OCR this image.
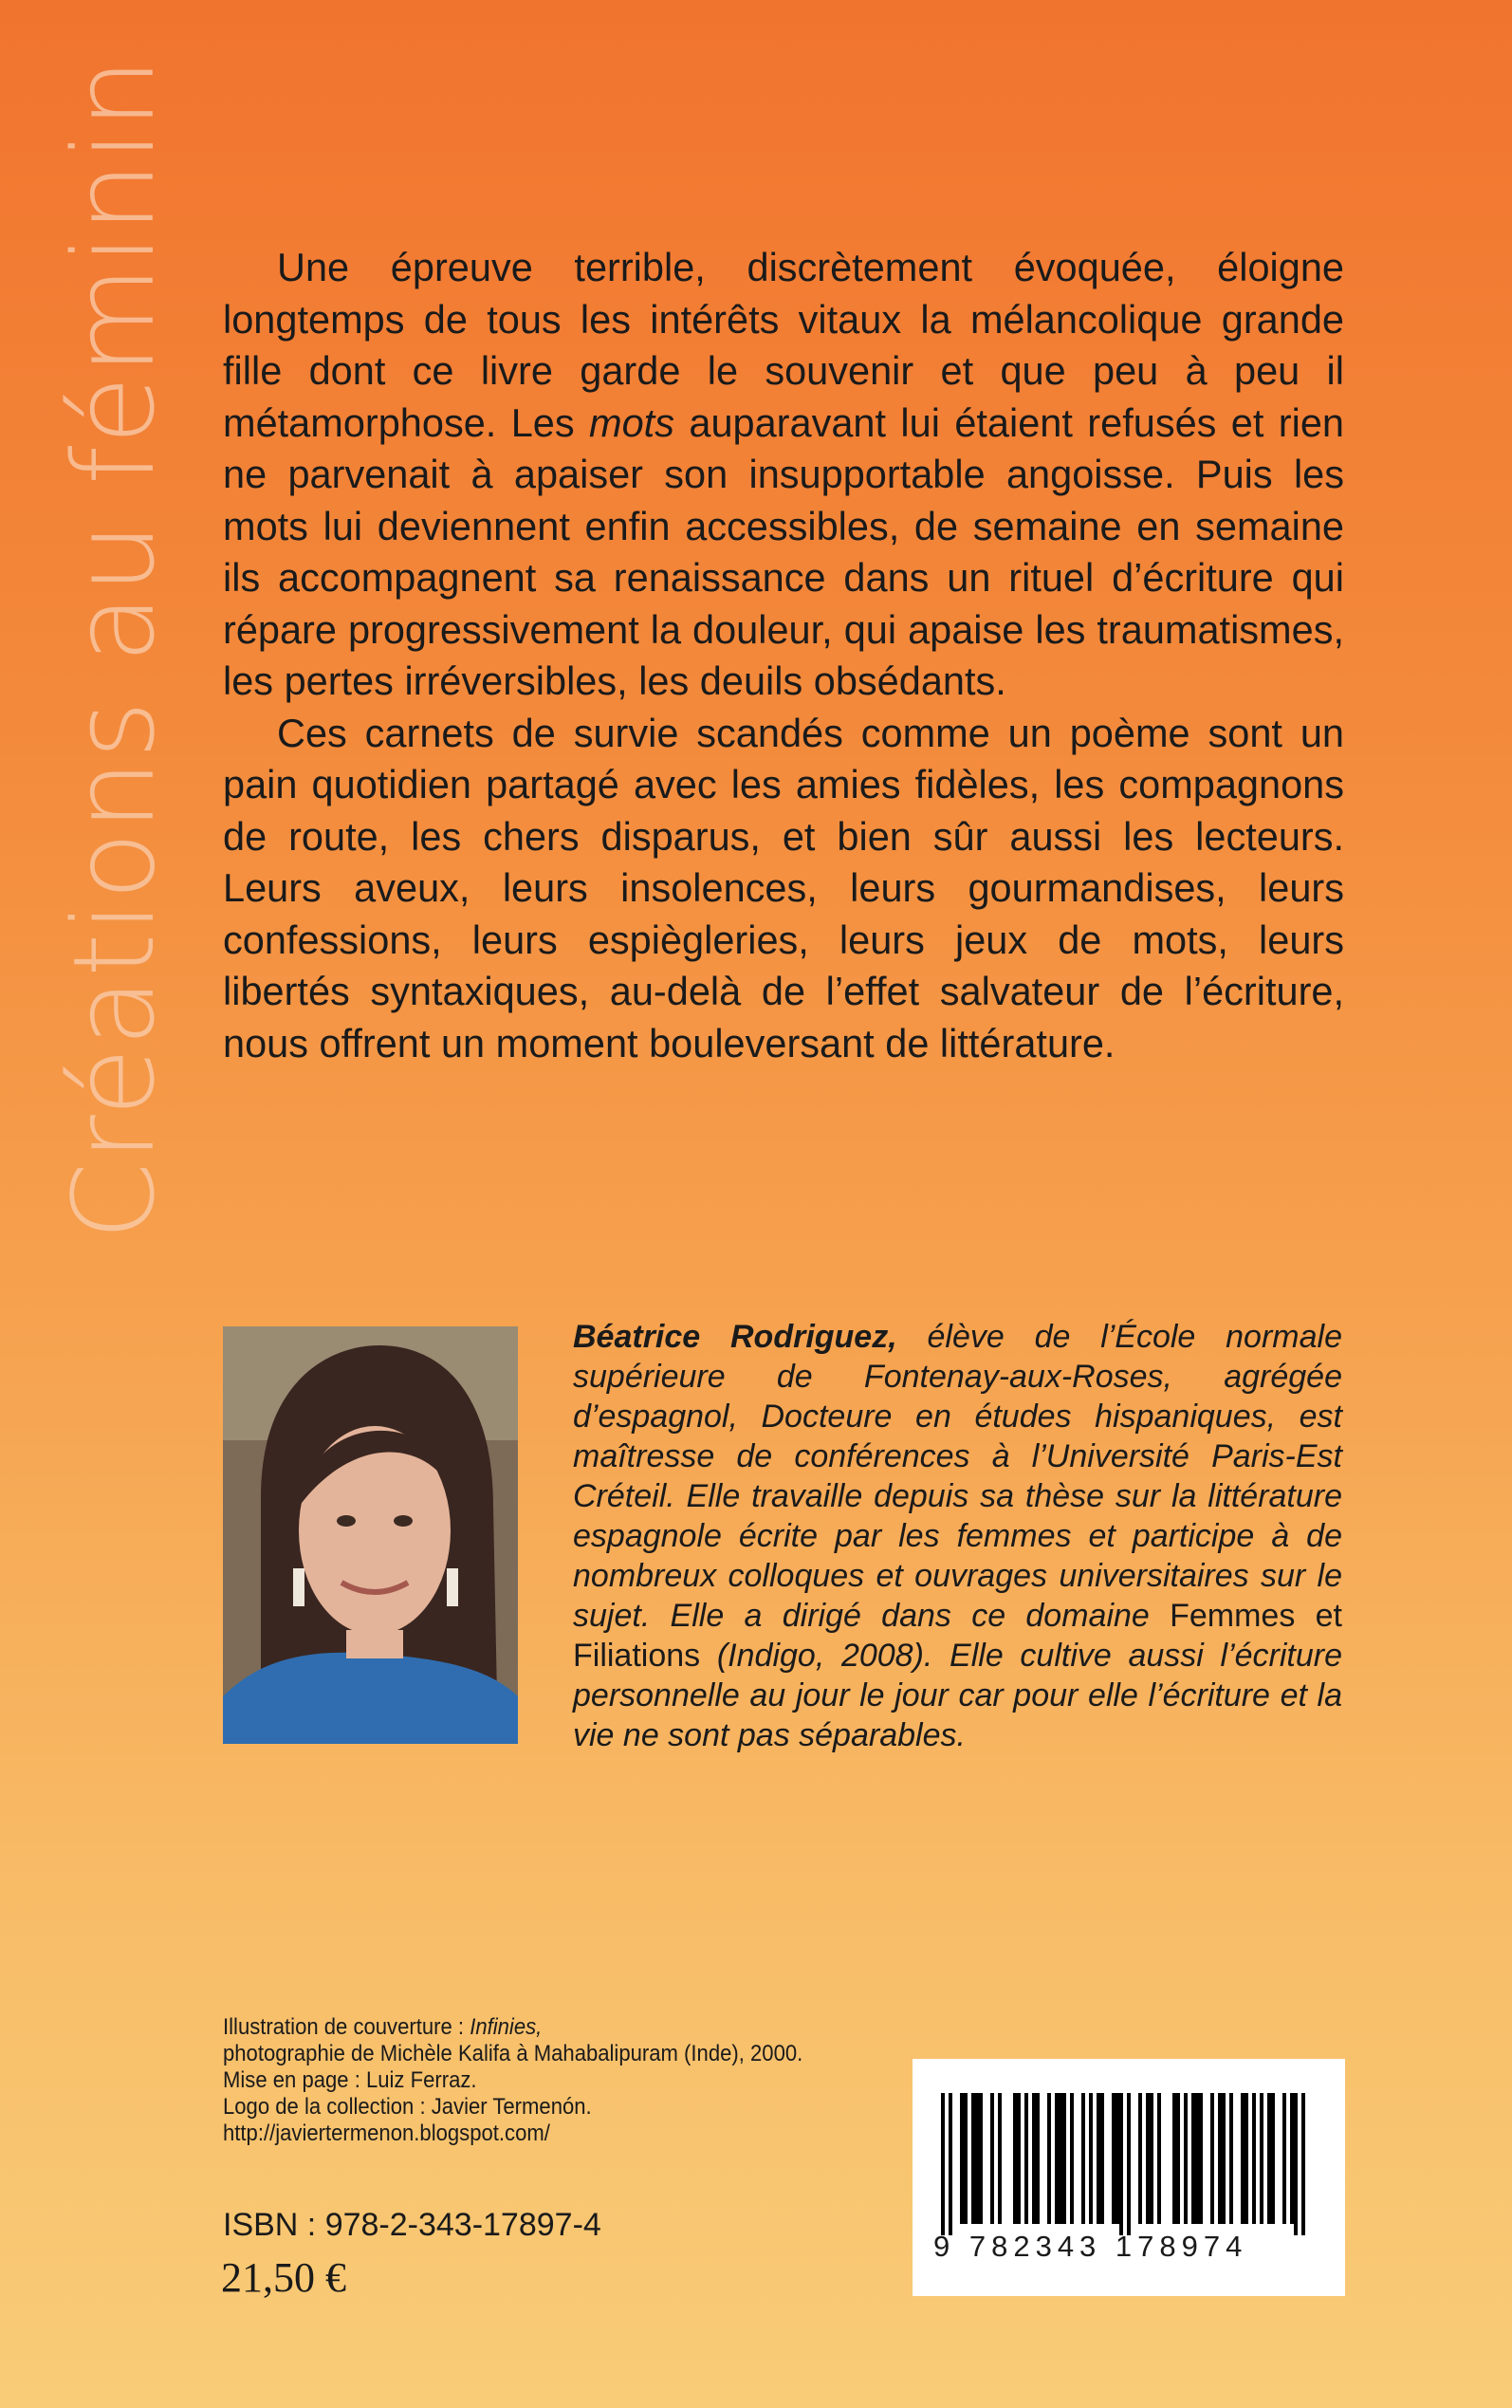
Créations au féminin	Une épreuve terrible, discrètement évoquée, éloigne longtemps de tous les intérêts vitaux la mélancolique grande fille dont ce livre garde le souvenir et que peu à peu il métamorphose. Les mots auparavant lui étaient refusés et rien ne parvenait à apaiser son insupportable angoisse. Puis les mots lui deviennent enfin accessibles, de semaine en semaine ils accompagnent sa renaissance dans un rituel d’écriture qui répare progressivement la douleur, qui apaise les traumatismes, les pertes irréversibles, les deuils obsédants.

Ces carnets de survie scandés comme un poème sont un pain quotidien partagé avec les amies fidèles, les compagnons de route, les chers disparus, et bien sûr aussi les lecteurs. Leurs aveux, leurs insolences, leurs gourmandises, leurs confessions, leurs espiègleries, leurs jeux de mots, leurs libertés syntaxiques, au-delà de l’effet salvateur de l’écriture, nous offrent un moment bouleversant de littérature.

Béatrice Rodriguez, élève de l’École normale supérieure de Fontenay-aux-Roses, agrégée d’espagnol, Docteure en études hispaniques, est maîtresse de conférences à l’Université Paris-Est Créteil. Elle travaille depuis sa thèse sur la littérature espagnole écrite par les femmes et participe à de nombreux colloques et ouvrages universitaires sur le sujet. Elle a dirigé dans ce domaine Femmes et Filiations (Indigo, 2008). Elle cultive aussi l’écriture personnelle au jour le jour car pour elle l’écriture et la vie ne sont pas séparables.
Illustration de couverture : Infinies,
photographie de Michèle Kalifa à Mahabalipuram (Inde), 2000.
Mise en page : Luiz Ferraz.
Logo de la collection : Javier Termenón.
http://javiertermenon.blogspot.com/
ISBN : 978-2-343-17897-4
21,50 €
9 782343 178974
